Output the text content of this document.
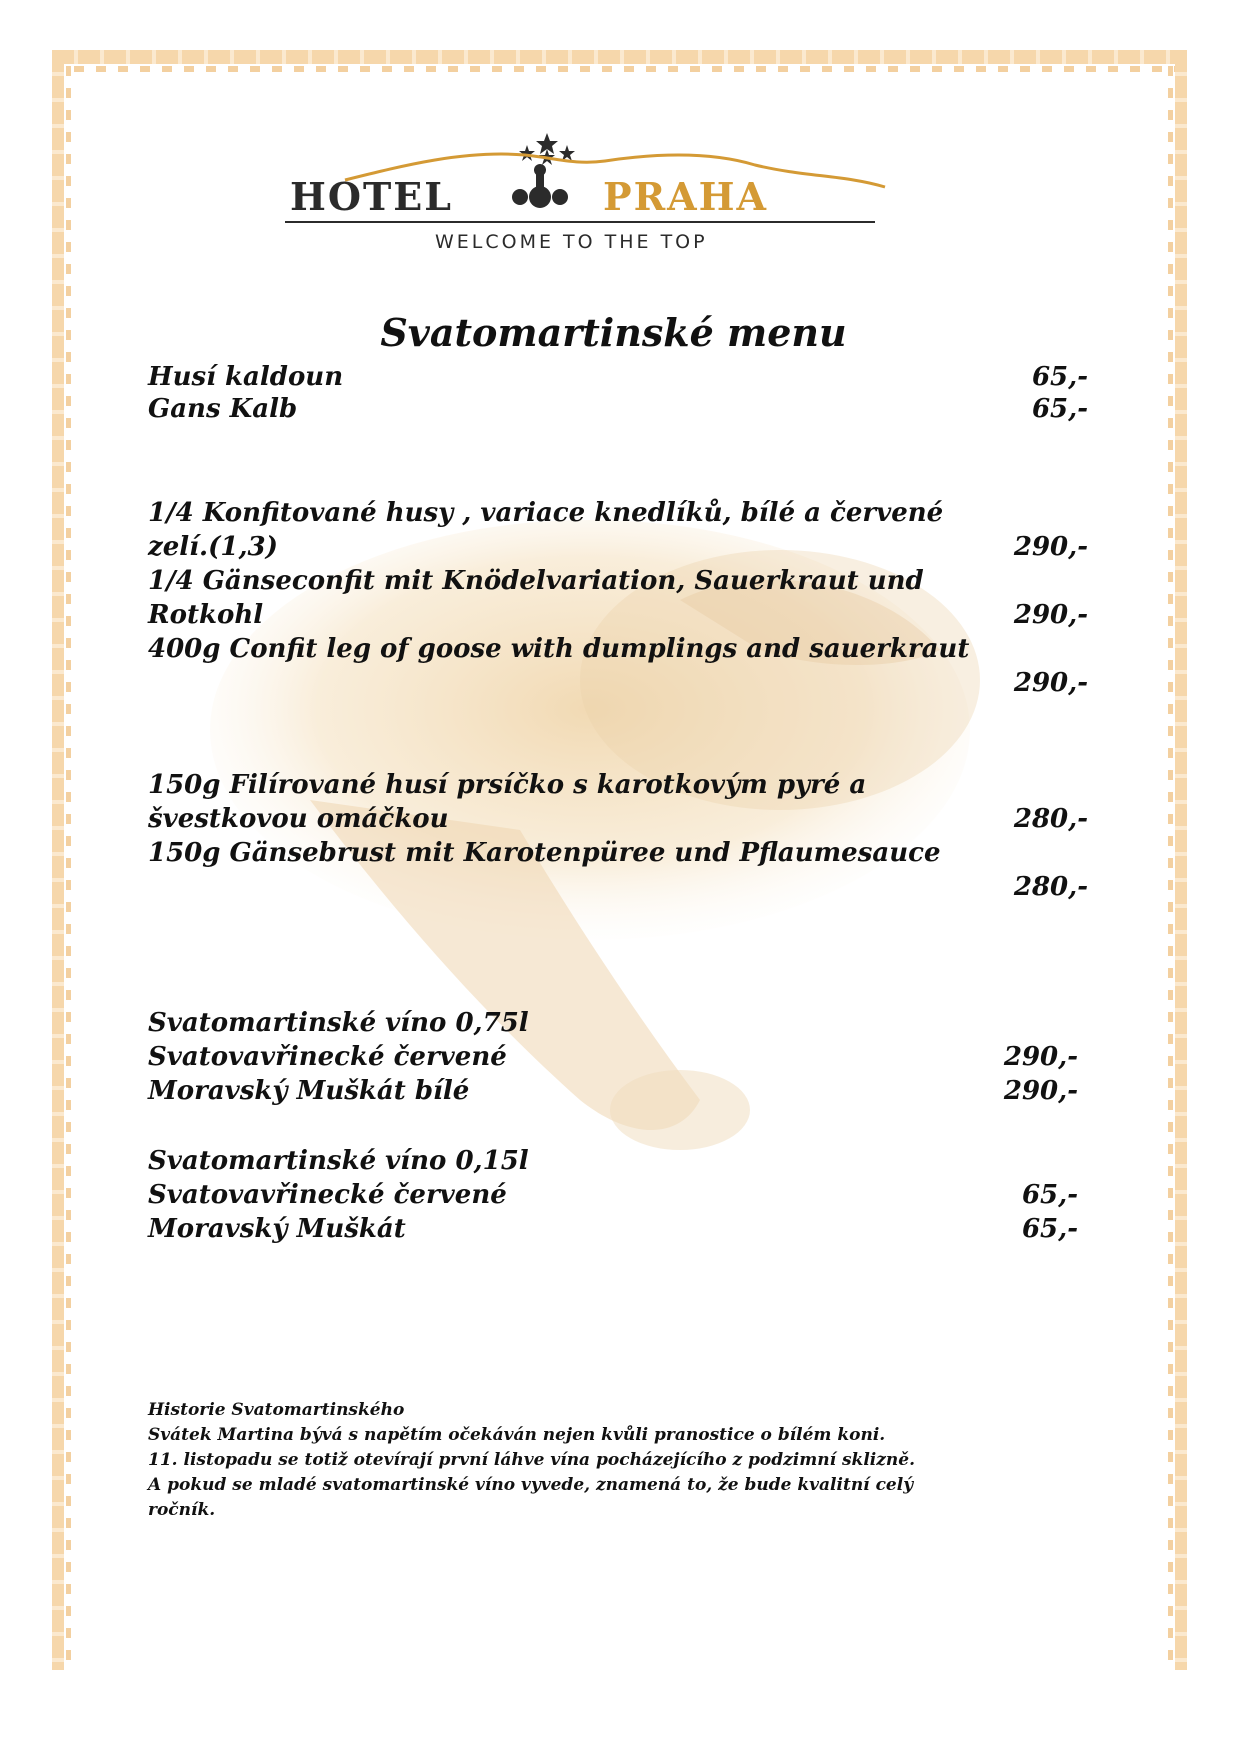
HOTEL	PRAHA
WELCOME TO THE TOP
Svatomartinské menu
Husí kaldoun	65,-
Gans Kalb	65,-
1/4 Konfitované husy , variace knedlíků, bílé a červené
zelí.(1,3)	290,-
1/4 Gänseconfit mit Knödelvariation, Sauerkraut und
Rotkohl	290,-
400g Confit leg of goose with dumplings and sauerkraut
290,-
150g Filírované husí prsíčko s karotkovým pyré a
švestkovou omáčkou	280,-
150g Gänsebrust mit Karotenpüree und Pflaumesauce
280,-
Svatomartinské víno 0,75l
Svatovavřinecké červené	290,-
Moravský Muškát bílé	290,-
Svatomartinské víno 0,15l
Svatovavřinecké červené	65,-
Moravský Muškát	65,-
Historie Svatomartinského
Svátek Martina bývá s napětím očekáván nejen kvůli pranostice o bílém koni.
11. listopadu se totiž otevírají první láhve vína pocházejícího z podzimní sklizně.
A pokud se mladé svatomartinské víno vyvede, znamená to, že bude kvalitní celý
ročník.
